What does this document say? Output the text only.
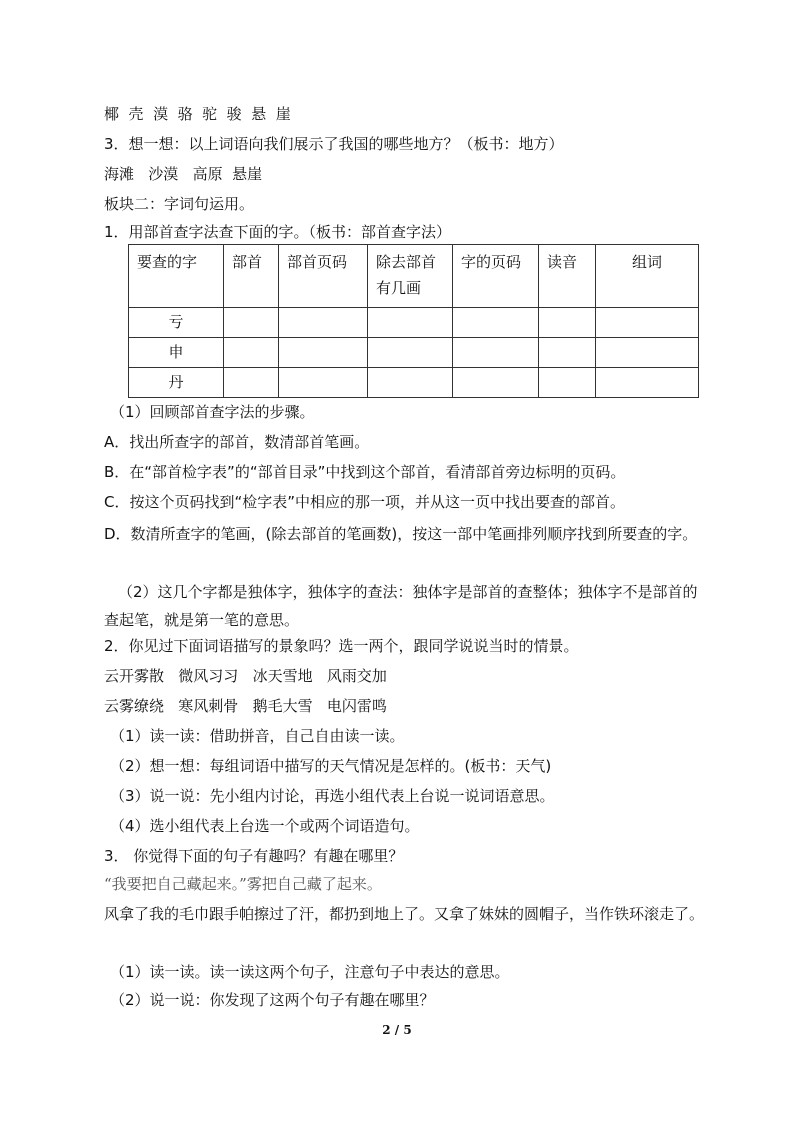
椰  壳  漠  骆  驼  骏  悬  崖
3．想一想：以上词语向我们展示了我国的哪些地方？（板书：地方）
海滩   沙漠   高原  悬崖
板块二：字词句运用。
1．用部首查字法查下面的字。（板书：部首查字法）
要查的字	部首	部首页码	除去部首有几画	字的页码	读音	组词
亏						
申						
丹						
（1）回顾部首查字法的步骤。
A．找出所查字的部首，数清部首笔画。
B．在“部首检字表”的“部首目录”中找到这个部首，看清部首旁边标明的页码。
C．按这个页码找到“检字表”中相应的那一项，并从这一页中找出要查的部首。
D．数清所查字的笔画，(除去部首的笔画数)，按这一部中笔画排列顺序找到所要查的字。
（2）这几个字都是独体字，独体字的查法：独体字是部首的查整体；独体字不是部首的查起笔，就是第一笔的意思。
2．你见过下面词语描写的景象吗？选一两个，跟同学说说当时的情景。
云开雾散   微风习习   冰天雪地   风雨交加
云雾缭绕   寒风刺骨   鹅毛大雪   电闪雷鸣
（1）读一读：借助拼音，自己自由读一读。
（2）想一想：每组词语中描写的天气情况是怎样的。(板书：天气)
（3）说一说：先小组内讨论，再选小组代表上台说一说词语意思。
（4）选小组代表上台选一个或两个词语造句。
3． 你觉得下面的句子有趣吗？有趣在哪里？
“我要把自己藏起来。”雾把自己藏了起来。
风拿了我的毛巾跟手帕擦过了汗，都扔到地上了。又拿了妹妹的圆帽子，当作铁环滚走了。
（1）读一读。读一读这两个句子，注意句子中表达的意思。
（2）说一说：你发现了这两个句子有趣在哪里？
2 / 5
